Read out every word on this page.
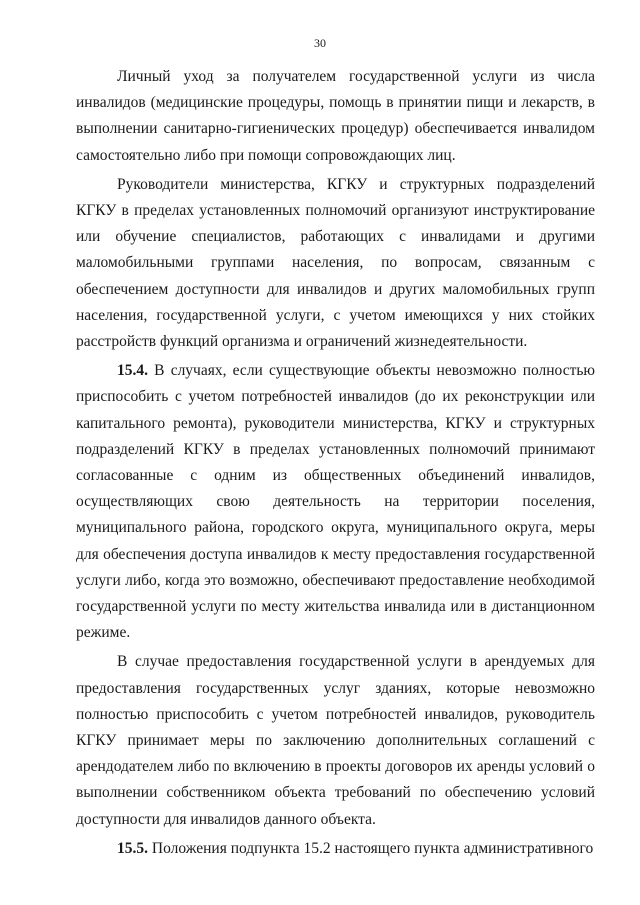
30

Личный уход за получателем государственной услуги из числа инвалидов (медицинские процедуры, помощь в принятии пищи и лекарств, в выполнении санитарно-гигиенических процедур) обеспечивается инвалидом самостоятельно либо при помощи сопровождающих лиц.

Руководители министерства, КГКУ и структурных подразделений КГКУ в пределах установленных полномочий организуют инструктирование или обучение специалистов, работающих с инвалидами и другими маломобильными группами населения, по вопросам, связанным с обеспечением доступности для инвалидов и других маломобильных групп населения, государственной услуги, с учетом имеющихся у них стойких расстройств функций организма и ограничений жизнедеятельности.

15.4. В случаях, если существующие объекты невозможно полностью приспособить с учетом потребностей инвалидов (до их реконструкции или капитального ремонта), руководители министерства, КГКУ и структурных подразделений КГКУ в пределах установленных полномочий принимают согласованные с одним из общественных объединений инвалидов, осуществляющих свою деятельность на территории поселения, муниципального района, городского округа, муниципального округа, меры для обеспечения доступа инвалидов к месту предоставления государственной услуги либо, когда это возможно, обеспечивают предоставление необходимой государственной услуги по месту жительства инвалида или в дистанционном режиме.

В случае предоставления государственной услуги в арендуемых для предоставления государственных услуг зданиях, которые невозможно полностью приспособить с учетом потребностей инвалидов, руководитель КГКУ принимает меры по заключению дополнительных соглашений с арендодателем либо по включению в проекты договоров их аренды условий о выполнении собственником объекта требований по обеспечению условий доступности для инвалидов данного объекта.

15.5. Положения подпункта 15.2 настоящего пункта административного
